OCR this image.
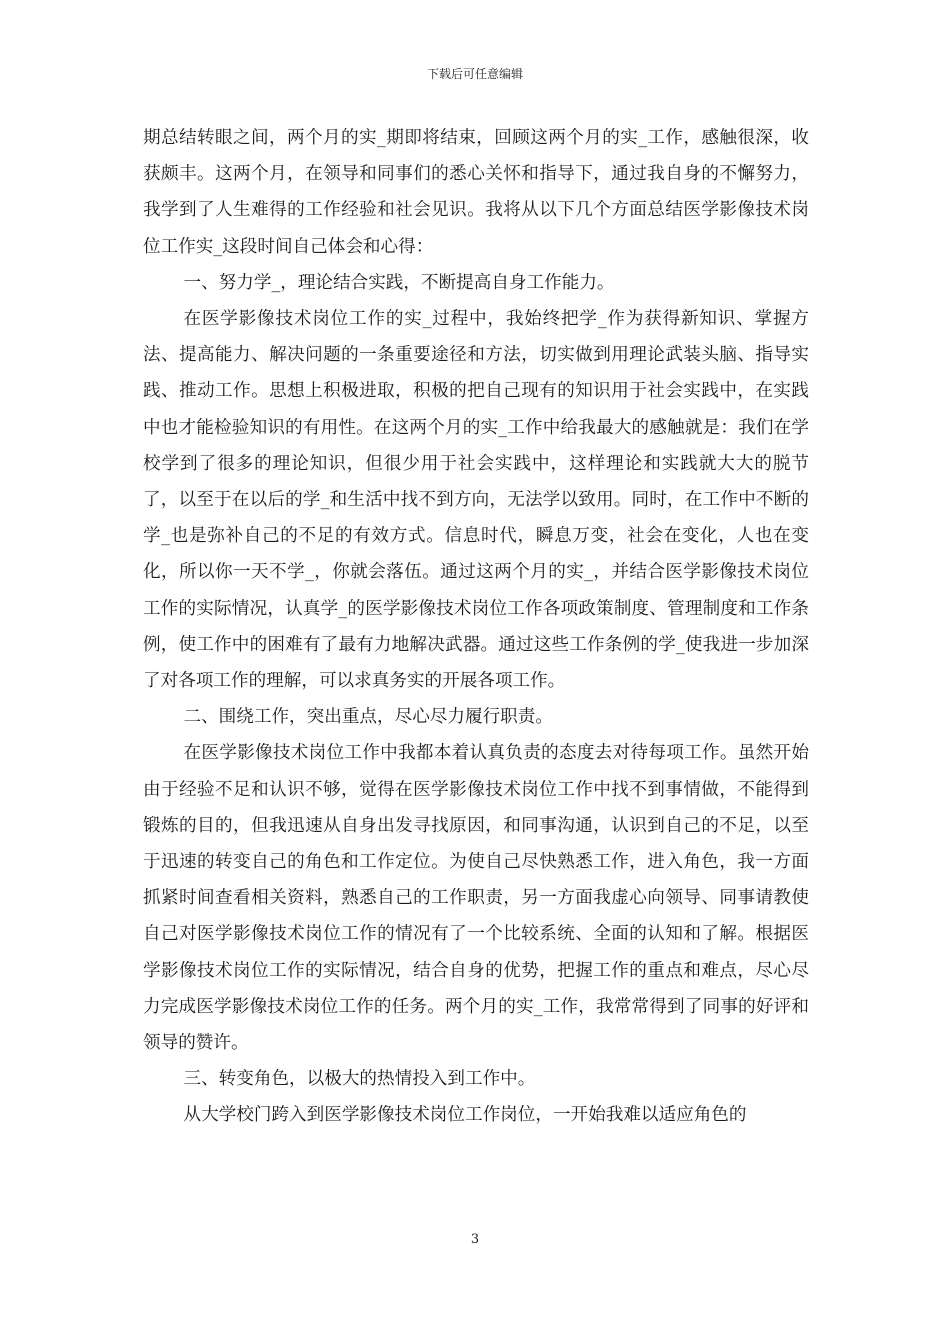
下载后可任意编辑

期总结转眼之间，两个月的实_期即将结束，回顾这两个月的实_工作，感触很深，收获颇丰。这两个月，在领导和同事们的悉心关怀和指导下，通过我自身的不懈努力，我学到了人生难得的工作经验和社会见识。我将从以下几个方面总结医学影像技术岗位工作实_这段时间自己体会和心得：

一、努力学_，理论结合实践，不断提高自身工作能力。

在医学影像技术岗位工作的实_过程中，我始终把学_作为获得新知识、掌握方法、提高能力、解决问题的一条重要途径和方法，切实做到用理论武装头脑、指导实践、推动工作。思想上积极进取，积极的把自己现有的知识用于社会实践中，在实践中也才能检验知识的有用性。在这两个月的实_工作中给我最大的感触就是：我们在学校学到了很多的理论知识，但很少用于社会实践中，这样理论和实践就大大的脱节了，以至于在以后的学_和生活中找不到方向，无法学以致用。同时，在工作中不断的学_也是弥补自己的不足的有效方式。信息时代，瞬息万变，社会在变化，人也在变化，所以你一天不学_，你就会落伍。通过这两个月的实_，并结合医学影像技术岗位工作的实际情况，认真学_的医学影像技术岗位工作各项政策制度、管理制度和工作条例，使工作中的困难有了最有力地解决武器。通过这些工作条例的学_使我进一步加深了对各项工作的理解，可以求真务实的开展各项工作。

二、围绕工作，突出重点，尽心尽力履行职责。

在医学影像技术岗位工作中我都本着认真负责的态度去对待每项工作。虽然开始由于经验不足和认识不够，觉得在医学影像技术岗位工作中找不到事情做，不能得到锻炼的目的，但我迅速从自身出发寻找原因，和同事沟通，认识到自己的不足，以至于迅速的转变自己的角色和工作定位。为使自己尽快熟悉工作，进入角色，我一方面抓紧时间查看相关资料，熟悉自己的工作职责，另一方面我虚心向领导、同事请教使自己对医学影像技术岗位工作的情况有了一个比较系统、全面的认知和了解。根据医学影像技术岗位工作的实际情况，结合自身的优势，把握工作的重点和难点，尽心尽力完成医学影像技术岗位工作的任务。两个月的实_工作，我常常得到了同事的好评和领导的赞许。

三、转变角色，以极大的热情投入到工作中。

从大学校门跨入到医学影像技术岗位工作岗位，一开始我难以适应角色的

3
